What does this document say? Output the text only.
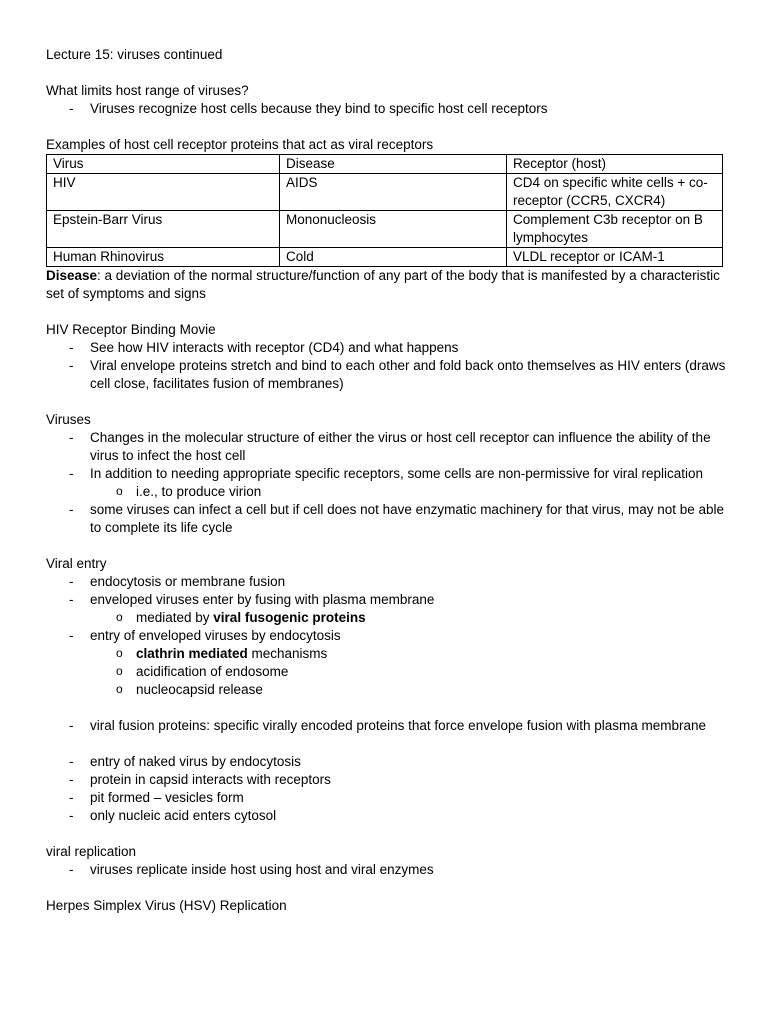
Lecture 15: viruses continued

What limits host range of viruses?

- Viruses recognize host cells because they bind to specific host cell receptors

Examples of host cell receptor proteins that act as viral receptors

Virus	Disease	Receptor (host)
HIV	AIDS	CD4 on specific white cells + co-receptor (CCR5, CXCR4)
Epstein-Barr Virus	Mononucleosis	Complement C3b receptor on B lymphocytes
Human Rhinovirus	Cold	VLDL receptor or ICAM-1

Disease: a deviation of the normal structure/function of any part of the body that is manifested by a characteristic set of symptoms and signs

HIV Receptor Binding Movie

- See how HIV interacts with receptor (CD4) and what happens
- Viral envelope proteins stretch and bind to each other and fold back onto themselves as HIV enters (draws cell close, facilitates fusion of membranes)

Viruses

- Changes in the molecular structure of either the virus or host cell receptor can influence the ability of the virus to infect the host cell
- In addition to needing appropriate specific receptors, some cells are non-permissive for viral replication
o i.e., to produce virion
- some viruses can infect a cell but if cell does not have enzymatic machinery for that virus, may not be able to complete its life cycle

Viral entry

- endocytosis or membrane fusion
- enveloped viruses enter by fusing with plasma membrane
o mediated by viral fusogenic proteins
- entry of enveloped viruses by endocytosis
o clathrin mediated mechanisms
o acidification of endosome
o nucleocapsid release
- viral fusion proteins: specific virally encoded proteins that force envelope fusion with plasma membrane
- entry of naked virus by endocytosis
- protein in capsid interacts with receptors
- pit formed – vesicles form
- only nucleic acid enters cytosol

viral replication

- viruses replicate inside host using host and viral enzymes

Herpes Simplex Virus (HSV) Replication
